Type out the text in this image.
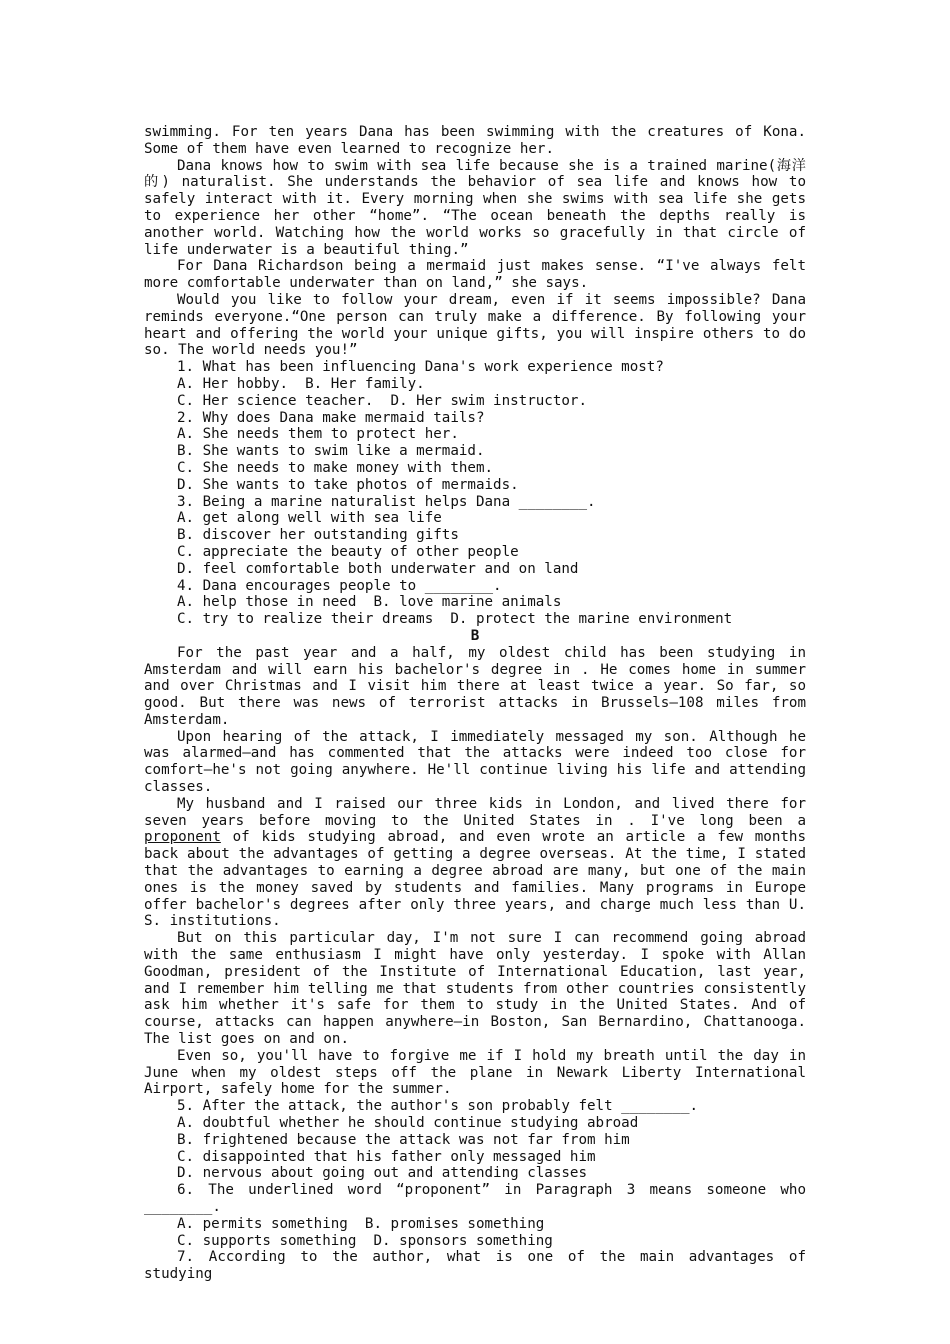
swimming. For ten years Dana has been swimming with the creatures of Kona. Some of them have even learned to recognize her.

Dana knows how to swim with sea life because she is a trained marine(海洋的) naturalist. She understands the behavior of sea life and knows how to safely interact with it. Every morning when she swims with sea life she gets to experience her other “home”. “The ocean beneath the depths really is another world. Watching how the world works so gracefully in that circle of life underwater is a beautiful thing.”

For Dana Richardson being a mermaid just makes sense. “I've always felt more comfortable underwater than on land,” she says.

Would you like to follow your dream, even if it seems impossible? Dana reminds everyone.“One person can truly make a difference. By following your heart and offering the world your unique gifts, you will inspire others to do so. The world needs you!”

1. What has been influencing Dana's work experience most?

A. Her hobby.  B. Her family.

C. Her science teacher.  D. Her swim instructor.

2. Why does Dana make mermaid tails?

A. She needs them to protect her.

B. She wants to swim like a mermaid.

C. She needs to make money with them.

D. She wants to take photos of mermaids.

3. Being a marine naturalist helps Dana ________.

A. get along well with sea life

B. discover her outstanding gifts

C. appreciate the beauty of other people

D. feel comfortable both underwater and on land

4. Dana encourages people to ________.

A. help those in need  B. love marine animals

C. try to realize their dreams  D. protect the marine environment

B

For the past year and a half, my oldest child has been studying in Amsterdam and will earn his bachelor's degree in . He comes home in summer and over Christmas and I visit him there at least twice a year. So far, so good. But there was news of terrorist attacks in Brussels—108 miles from Amsterdam.

Upon hearing of the attack, I immediately messaged my son. Although he was alarmed—and has commented that the attacks were indeed too close for comfort—he's not going anywhere. He'll continue living his life and attending classes.

My husband and I raised our three kids in London, and lived there for seven years before moving to the United States in . I've long been a proponent of kids studying abroad, and even wrote an article a few months back about the advantages of getting a degree overseas. At the time, I stated that the advantages to earning a degree abroad are many, but one of the main ones is the money saved by students and families. Many programs in Europe offer bachelor's degrees after only three years, and charge much less than U. S. institutions.

But on this particular day, I'm not sure I can recommend going abroad with the same enthusiasm I might have only yesterday. I spoke with Allan Goodman, president of the Institute of International Education, last year, and I remember him telling me that students from other countries consistently ask him whether it's safe for them to study in the United States. And of course, attacks can happen anywhere—in Boston, San Bernardino, Chattanooga. The list goes on and on.

Even so, you'll have to forgive me if I hold my breath until the day in June when my oldest steps off the plane in Newark Liberty International Airport, safely home for the summer.

5. After the attack, the author's son probably felt ________.

A. doubtful whether he should continue studying abroad

B. frightened because the attack was not far from him

C. disappointed that his father only messaged him

D. nervous about going out and attending classes

6. The underlined word “proponent” in Paragraph 3 means someone who ________.

A. permits something  B. promises something

C. supports something  D. sponsors something

7. According to the author, what is one of the main advantages of studying
